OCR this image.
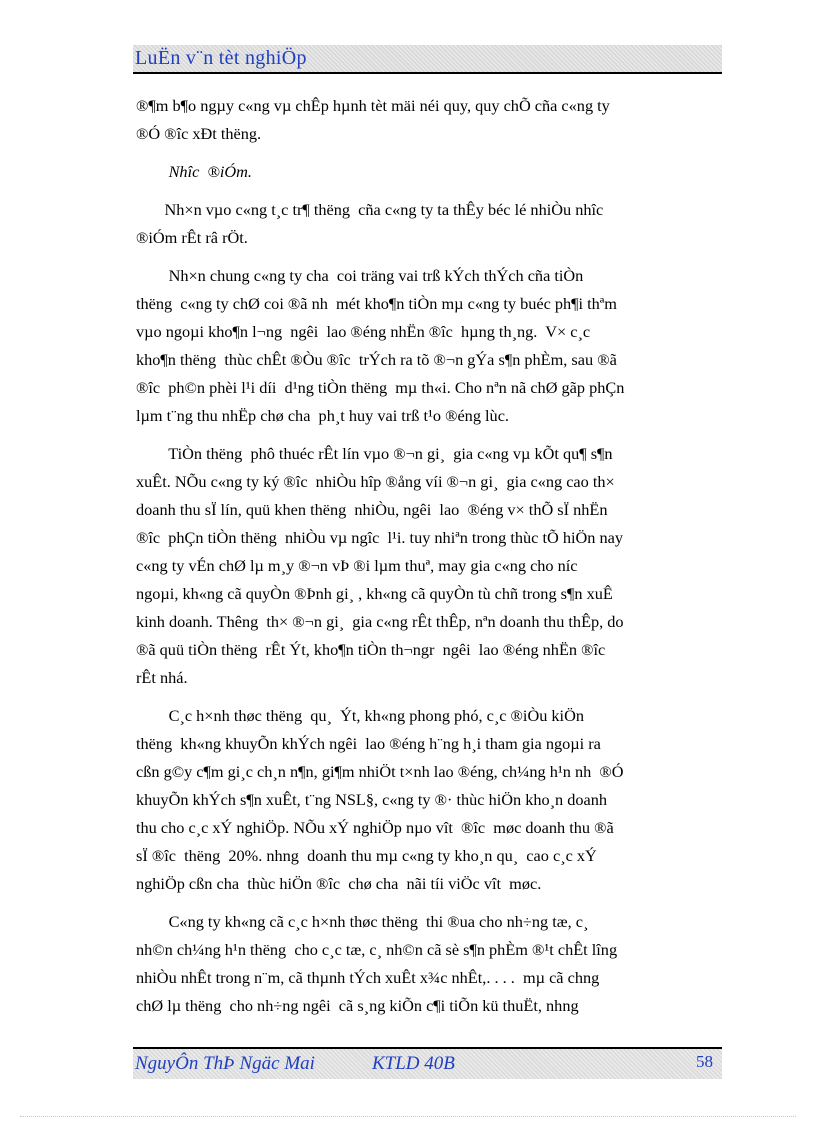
LuËn v¨n tèt nghiÖp
®¶m b¶o ngµy c«ng vµ chÊp hµnh tèt mäi néi quy, quy chÕ cña c«ng ty
®Ó ®îc xÐt thëng.
Nhîc  ®iÓm.
Nh×n vµo c«ng t¸c tr¶ thëng  cña c«ng ty ta thÊy béc lé nhiÒu nhîc
®iÓm rÊt râ rÖt.
Nh×n chung c«ng ty cha  coi träng vai trß kÝch thÝch cña tiÒn
thëng  c«ng ty chØ coi ®ã nh  mét kho¶n tiÒn mµ c«ng ty buéc ph¶i thªm
vµo ngoµi kho¶n l¬ng  ngêi  lao ®éng nhËn ®îc  hµng th¸ng.  V× c¸c
kho¶n thëng  thùc chÊt ®Òu ®îc  trÝch ra tõ ®¬n gÝa s¶n phÈm, sau ®ã
®îc  ph©n phèi l¹i díi  d¹ng tiÒn thëng  mµ th«i. Cho nªn nã chØ gãp phÇn
lµm t¨ng thu nhËp chø cha  ph¸t huy vai trß t¹o ®éng lùc.
TiÒn thëng  phô thuéc rÊt lín vµo ®¬n gi¸  gia c«ng vµ kÕt qu¶ s¶n
xuÊt. NÕu c«ng ty ký ®îc  nhiÒu hîp ®ång víi ®¬n gi¸  gia c«ng cao th×
doanh thu sÏ lín, quü khen thëng  nhiÒu, ngêi  lao  ®éng v× thÕ sÏ nhËn
®îc  phÇn tiÒn thëng  nhiÒu vµ ngîc  l¹i. tuy nhiªn trong thùc tÕ hiÖn nay
c«ng ty vÉn chØ lµ m¸y ®¬n vÞ ®i lµm thuª, may gia c«ng cho níc
ngoµi, kh«ng cã quyÒn ®Þnh gi¸ , kh«ng cã quyÒn tù chñ trong s¶n xuÊ
kinh doanh. Thêng  th× ®¬n gi¸  gia c«ng rÊt thÊp, nªn doanh thu thÊp, do
®ã quü tiÒn thëng  rÊt Ýt, kho¶n tiÒn th¬ngr  ngêi  lao ®éng nhËn ®îc
rÊt nhá.
C¸c h×nh thøc thëng  qu¸  Ýt, kh«ng phong phó, c¸c ®iÒu kiÖn
thëng  kh«ng khuyÕn khÝch ngêi  lao ®éng h¨ng h¸i tham gia ngoµi ra
cßn g©y c¶m gi¸c ch¸n n¶n, gi¶m nhiÖt t×nh lao ®éng, ch¼ng h¹n nh  ®Ó
khuyÕn khÝch s¶n xuÊt, t¨ng NSL§, c«ng ty ®· thùc hiÖn kho¸n doanh
thu cho c¸c xÝ nghiÖp. NÕu xÝ nghiÖp nµo vît  ®îc  møc doanh thu ®ã
sÏ ®îc  thëng  20%. nhng  doanh thu mµ c«ng ty kho¸n qu¸  cao c¸c xÝ
nghiÖp cßn cha  thùc hiÖn ®îc  chø cha  nãi tíi viÖc vît  møc.
C«ng ty kh«ng cã c¸c h×nh thøc thëng  thi ®ua cho nh÷ng tæ, c¸
nh©n ch¼ng h¹n thëng  cho c¸c tæ, c¸ nh©n cã sè s¶n phÈm ®¹t chÊt lîng
nhiÒu nhÊt trong n¨m, cã thµnh tÝch xuÊt x¾c nhÊt,. . . .  mµ cã chng
chØ lµ thëng  cho nh÷ng ngêi  cã s¸ng kiÕn c¶i tiÕn kü thuËt, nhng
NguyÔn ThÞ Ngäc Mai	KTLD 40B	58
